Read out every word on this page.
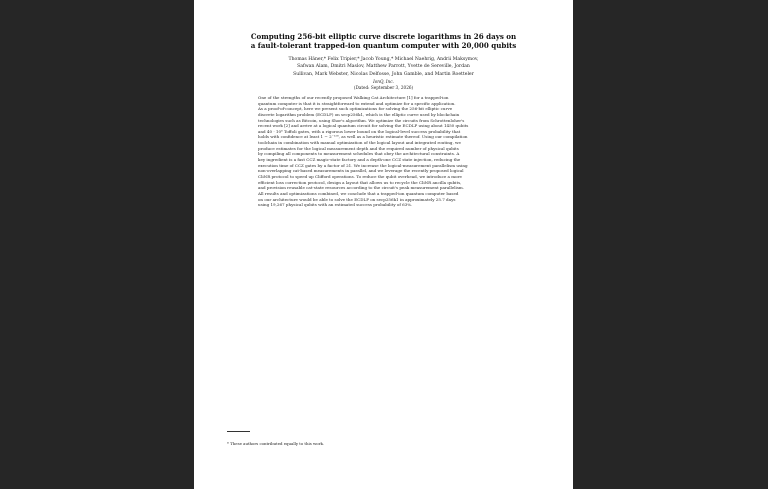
Computing 256-bit elliptic curve discrete logarithms in 26 days on
a fault-tolerant trapped-ion quantum computer with 20,000 qubits
Thomas Häner,* Felix Tripier,* Jacob Young,* Michael Naehrig, Andrii Maksymov,
Safwan Alam, Dmitri Maslov, Matthew Parrott, Yvette de Sereville, Jordan
Sullivan, Mark Webster, Nicolas Delfosse, John Gamble, and Martin Roetteler
IonQ, Inc.
(Dated: September 3, 2026)
One of the strengths of our recently proposed Walking Cat Architecture [1] for a trapped-ion
quantum computer is that it is straightforward to extend and optimize for a specific application.
As a proof-of-concept, here we present such optimizations for solving the 256-bit elliptic curve
discrete logarithm problem (ECDLP) on secp256k1, which is the elliptic curve used by blockchain
technologies such as Bitcoin, using Shor's algorithm. We optimize the circuits from Schrottenloher's
recent work [2] and arrive at a logical quantum circuit for solving the ECDLP using about 1450 qubits
and 40 · 10⁶ Toffoli gates, with a rigorous lower bound on the logical-level success probability that
holds with confidence at least 1 − 2⁻¹²⁸, as well as a heuristic estimate thereof. Using our compilation
toolchain in combination with manual optimization of the logical layout and integrated routing, we
produce estimates for the logical measurement depth and the required number of physical qubits
by compiling all components to measurement schedules that obey the architectural constraints. A
key ingredient is a fast CCZ magic-state factory and a depth-one CCZ state injection, reducing the
execution time of CCZ gates by a factor of 21. We increase the logical-measurement parallelism using
non-overlapping cat-based measurements in parallel, and we leverage the recently proposed logical
CliNR protocol to speed up Clifford operations. To reduce the qubit overhead, we introduce a more
efficient loss correction protocol, design a layout that allows us to recycle the CliNR ancilla qubits,
and provision reusable cat-state resources according to the circuit's peak measurement parallelism.
All results and optimizations combined, we conclude that a trapped-ion quantum computer based
on our architecture would be able to solve the ECDLP on secp256k1 in approximately 25.7 days
using 19,267 physical qubits with an estimated success probability of 63%.
* These authors contributed equally to this work.
